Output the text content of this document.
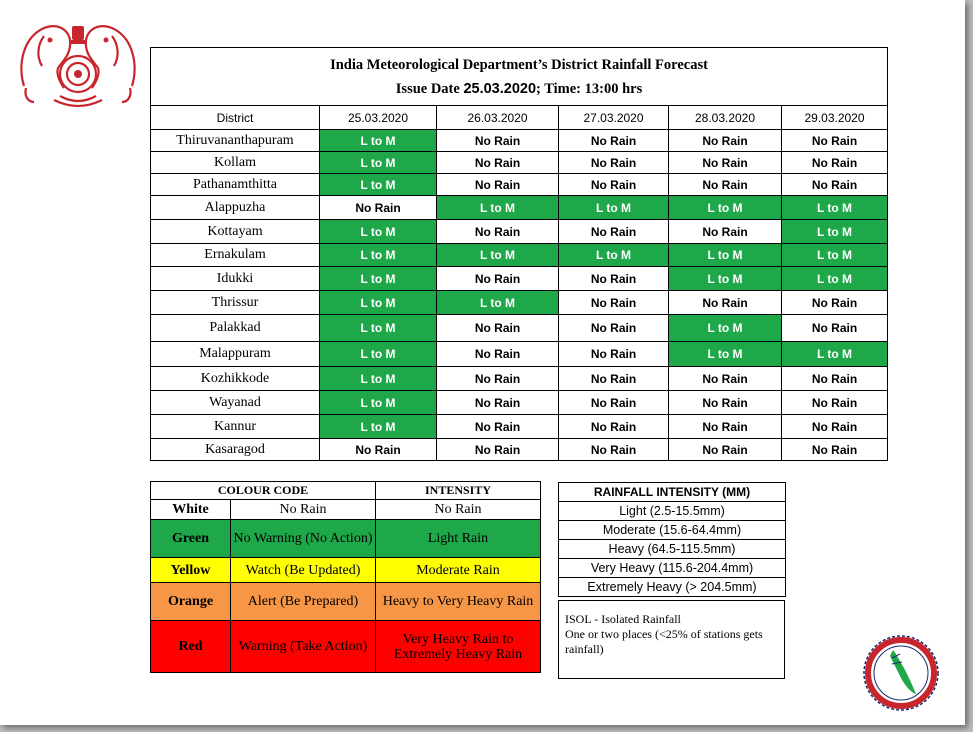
India Meteorological Department’s District Rainfall Forecast
Issue Date 25.03.2020; Time: 13:00 hrs					

District	25.03.2020	26.03.2020	27.03.2020	28.03.2020	29.03.2020
Thiruvananthapuram	L to M	No Rain	No Rain	No Rain	No Rain
Kollam	L to M	No Rain	No Rain	No Rain	No Rain
Pathanamthitta	L to M	No Rain	No Rain	No Rain	No Rain
Alappuzha	No Rain	L to M	L to M	L to M	L to M
Kottayam	L to M	No Rain	No Rain	No Rain	L to M
Ernakulam	L to M	L to M	L to M	L to M	L to M
Idukki	L to M	No Rain	No Rain	L to M	L to M
Thrissur	L to M	L to M	No Rain	No Rain	No Rain
Palakkad	L to M	No Rain	No Rain	L to M	No Rain
Malappuram	L to M	No Rain	No Rain	L to M	L to M
Kozhikkode	L to M	No Rain	No Rain	No Rain	No Rain
Wayanad	L to M	No Rain	No Rain	No Rain	No Rain
Kannur	L to M	No Rain	No Rain	No Rain	No Rain
Kasaragod	No Rain	No Rain	No Rain	No Rain	No Rain
COLOUR CODE		INTENSITY
White	No Rain	No Rain
Green	No Warning (No Action)	Light Rain
Yellow	Watch (Be Updated)	Moderate Rain
Orange	Alert (Be Prepared)	Heavy to Very Heavy Rain
Red	Warning (Take Action)	Very Heavy Rain to Extremely Heavy Rain
RAINFALL INTENSITY (MM)
Light (2.5-15.5mm)
Moderate (15.6-64.4mm)
Heavy (64.5-115.5mm)
Very Heavy (115.6-204.4mm)
Extremely Heavy (> 204.5mm)
ISOL - Isolated Rainfall
One or two places (<25% of stations gets rainfall)
